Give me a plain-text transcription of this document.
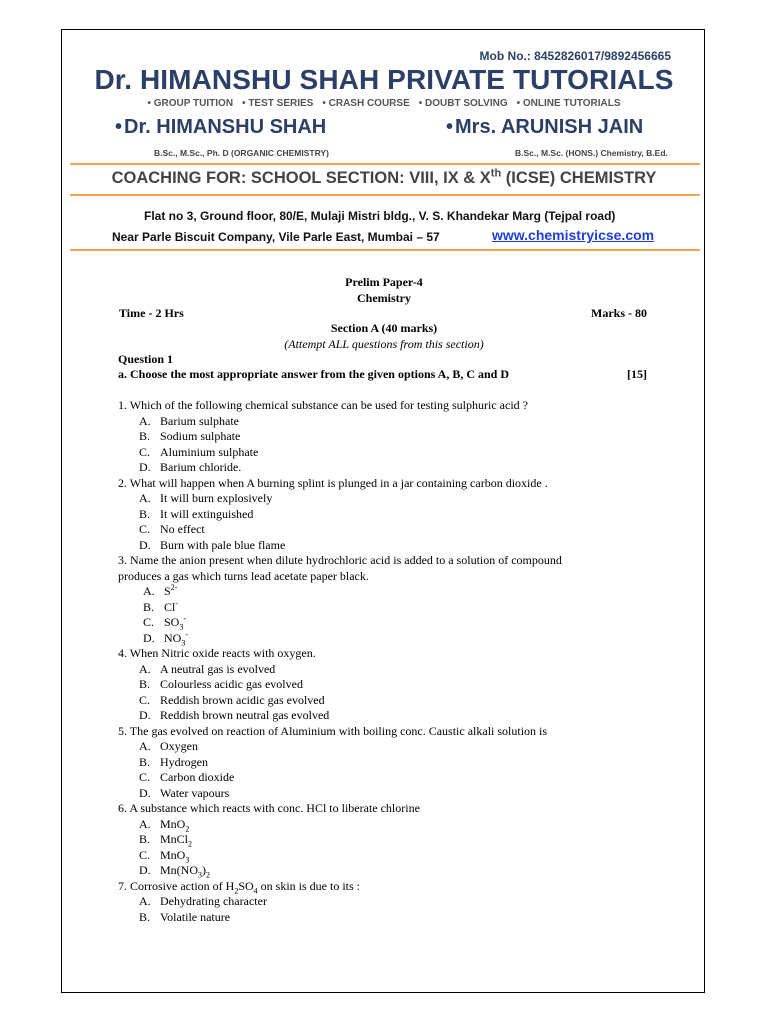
Mob No.: 8452826017/9892456665
Dr. HIMANSHU SHAH PRIVATE TUTORIALS
• GROUP TUITION	• TEST SERIES	• CRASH COURSE	• DOUBT SOLVING	• ONLINE TUTORIALS
• Dr. HIMANSHU SHAH	• Mrs. ARUNISH JAIN
B.Sc., M.Sc., Ph. D (ORGANIC CHEMISTRY)	B.Sc., M.Sc. (HONS.) Chemistry, B.Ed.
COACHING FOR: SCHOOL SECTION: VIII, IX & Xth (ICSE) CHEMISTRY
Flat no 3, Ground floor, 80/E, Mulaji Mistri bldg., V. S. Khandekar Marg (Tejpal road)
Near Parle Biscuit Company, Vile Parle East, Mumbai – 57	www.chemistryicse.com
Prelim Paper-4
Chemistry
Time - 2 Hrs	Marks - 80
Section A (40 marks)
(Attempt ALL questions from this section)
Question 1
a. Choose the most appropriate answer from the given options A, B, C and D	[15]
1. Which of the following chemical substance can be used for testing sulphuric acid ?
A. Barium sulphate
B. Sodium sulphate
C. Aluminium sulphate
D. Barium chloride.
2. What will happen when A burning splint is plunged in a jar containing carbon dioxide .
A. It will burn explosively
B. It will extinguished
C. No effect
D. Burn with pale blue flame
3. Name the anion present when dilute hydrochloric acid is added to a solution of compound
produces a gas which turns lead acetate paper black.
A. $S^{2-}$
B. Cl-
C. $SO_3^-$
D. $NO_3^-$
4. When Nitric oxide reacts with oxygen.
A. A neutral gas is evolved
B. Colourless acidic gas evolved
C. Reddish brown acidic gas evolved
D. Reddish brown neutral gas evolved
5. The gas evolved on reaction of Aluminium with boiling conc. Caustic alkali solution is
A. Oxygen
B. Hydrogen
C. Carbon dioxide
D. Water vapours
6. A substance which reacts with conc. HCl to liberate chlorine
A. MnO$_2$
B. MnCl$_2$
C. MnO$_3$
D. $Mn(NO_3)_2$
7. Corrosive action of $H_2SO_4$ on skin is due to its :
A. Dehydrating character
B. Volatile nature
